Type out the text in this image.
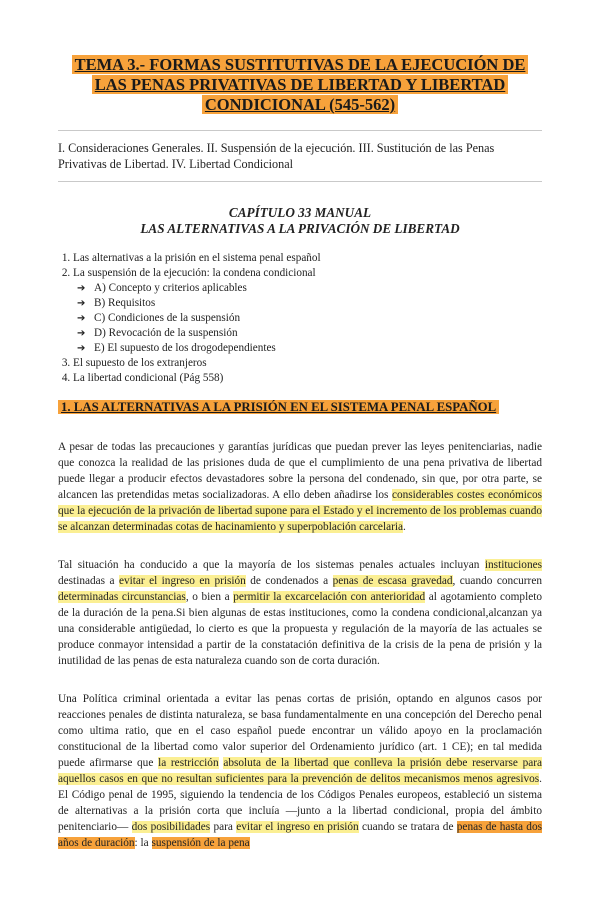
TEMA 3.- FORMAS SUSTITUTIVAS DE LA EJECUCIÓN DE LAS PENAS PRIVATIVAS DE LIBERTAD Y LIBERTAD CONDICIONAL (545-562)

I. Consideraciones Generales. II. Suspensión de la ejecución. III. Sustitución de las Penas Privativas de Libertad. IV. Libertad Condicional

CAPÍTULO 33 MANUAL
LAS ALTERNATIVAS A LA PRIVACIÓN DE LIBERTAD
1. Las alternativas a la prisión en el sistema penal español
2. La suspensión de la ejecución: la condena condicional
➔ A) Concepto y criterios aplicables
➔ B) Requisitos
➔ C) Condiciones de la suspensión
➔ D) Revocación de la suspensión
➔ E) El supuesto de los drogodependientes
3. El supuesto de los extranjeros
4. La libertad condicional (Pág 558)
1. LAS ALTERNATIVAS A LA PRISIÓN EN EL SISTEMA PENAL ESPAÑOL

A pesar de todas las precauciones y garantías jurídicas que puedan prever las leyes penitenciarias, nadie que conozca la realidad de las prisiones duda de que el cumplimiento de una pena privativa de libertad puede llegar a producir efectos devastadores sobre la persona del condenado, sin que, por otra parte, se alcancen las pretendidas metas socializadoras. A ello deben añadirse los considerables costes económicos que la ejecución de la privación de libertad supone para el Estado y el incremento de los problemas cuando se alcanzan determinadas cotas de hacinamiento y superpoblación carcelaria.

Tal situación ha conducido a que la mayoría de los sistemas penales actuales incluyan instituciones destinadas a evitar el ingreso en prisión de condenados a penas de escasa gravedad, cuando concurren determinadas circunstancias, o bien a permitir la excarcelación con anterioridad al agotamiento completo de la duración de la pena.Si bien algunas de estas instituciones, como la condena condicional,alcanzan ya una considerable antigüedad, lo cierto es que la propuesta y regulación de la mayoría de las actuales se produce conmayor intensidad a partir de la constatación definitiva de la crisis de la pena de prisión y la inutilidad de las penas de esta naturaleza cuando son de corta duración.

Una Política criminal orientada a evitar las penas cortas de prisión, optando en algunos casos por reacciones penales de distinta naturaleza, se basa fundamentalmente en una concepción del Derecho penal como ultima ratio, que en el caso español puede encontrar un válido apoyo en la proclamación constitucional de la libertad como valor superior del Ordenamiento jurídico (art. 1 CE); en tal medida puede afirmarse que la restricción absoluta de la libertad que conlleva la prisión debe reservarse para aquellos casos en que no resultan suficientes para la prevención de delitos mecanismos menos agresivos. El Código penal de 1995, siguiendo la tendencia de los Códigos Penales europeos, estableció un sistema de alternativas a la prisión corta que incluía —junto a la libertad condicional, propia del ámbito penitenciario— dos posibilidades para evitar el ingreso en prisión cuando se tratara de penas de hasta dos años de duración: la suspensión de la pena
